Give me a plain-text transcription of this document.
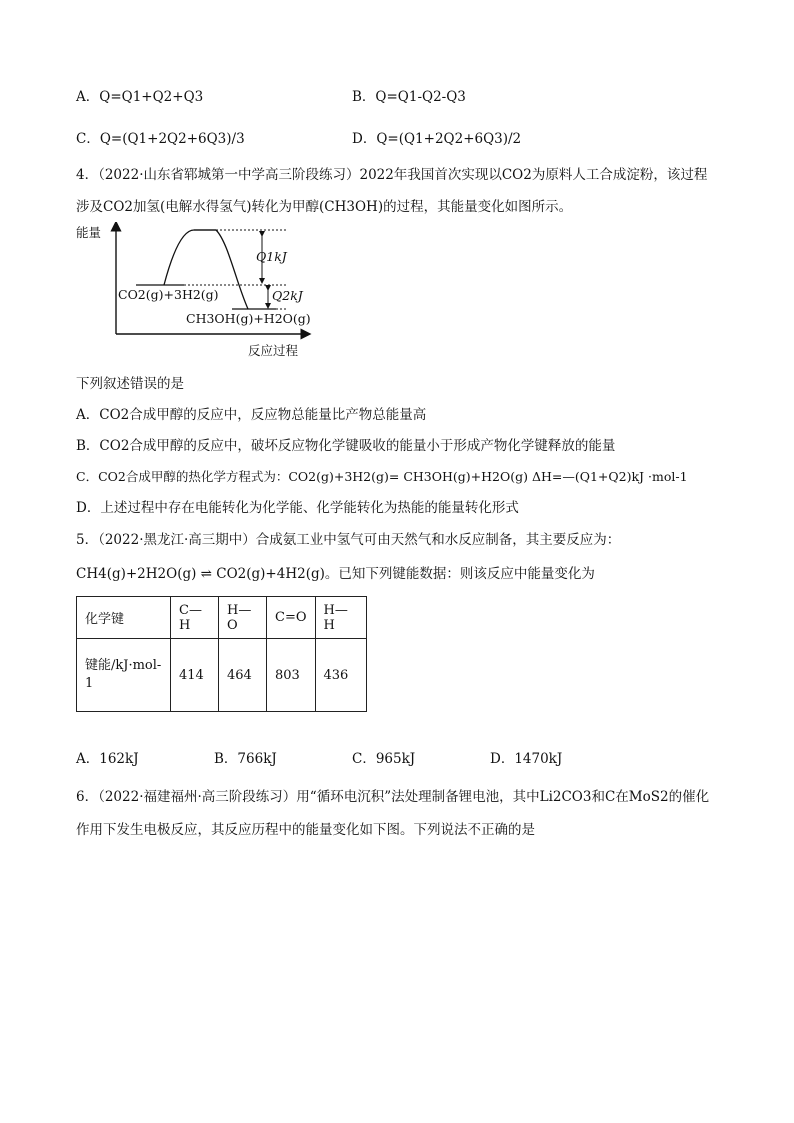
A．Q=Q1+Q2+Q3	B．Q=Q1-Q2-Q3
C．Q=(Q1+2Q2+6Q3)/3	D．Q=(Q1+2Q2+6Q3)/2
4．（2022·山东省郓城第一中学高三阶段练习）2022年我国首次实现以CO2为原料人工合成淀粉，该过程
涉及CO2加氢(电解水得氢气)转化为甲醇(CH3OH)的过程，其能量变化如图所示。
能量
反应过程
CO2(g)+3H2(g)
CH3OH(g)+H2O(g)
Q1kJ
Q2kJ
下列叙述错误的是
A．CO2合成甲醇的反应中，反应物总能量比产物总能量高
B．CO2合成甲醇的反应中，破坏反应物化学键吸收的能量小于形成产物化学键释放的能量
C．CO2合成甲醇的热化学方程式为：CO2(g)+3H2(g)= CH3OH(g)+H2O(g) ΔH=—(Q1+Q2)kJ ·mol-1
D．上述过程中存在电能转化为化学能、化学能转化为热能的能量转化形式
5．（2022·黑龙江·高三期中）合成氨工业中氢气可由天然气和水反应制备，其主要反应为：
CH4(g)+2H2O(g) ⇌ CO2(g)+4H2(g)。已知下列键能数据：则该反应中能量变化为
化学键	C—H	H—O	C=O	H—H
键能/kJ·mol-1	414	464	803	436
A．162kJ	B．766kJ	C．965kJ	D．1470kJ
6．（2022·福建福州·高三阶段练习）用“循环电沉积”法处理制备锂电池，其中Li2CO3和C在MoS2的催化
作用下发生电极反应，其反应历程中的能量变化如下图。下列说法不正确的是
